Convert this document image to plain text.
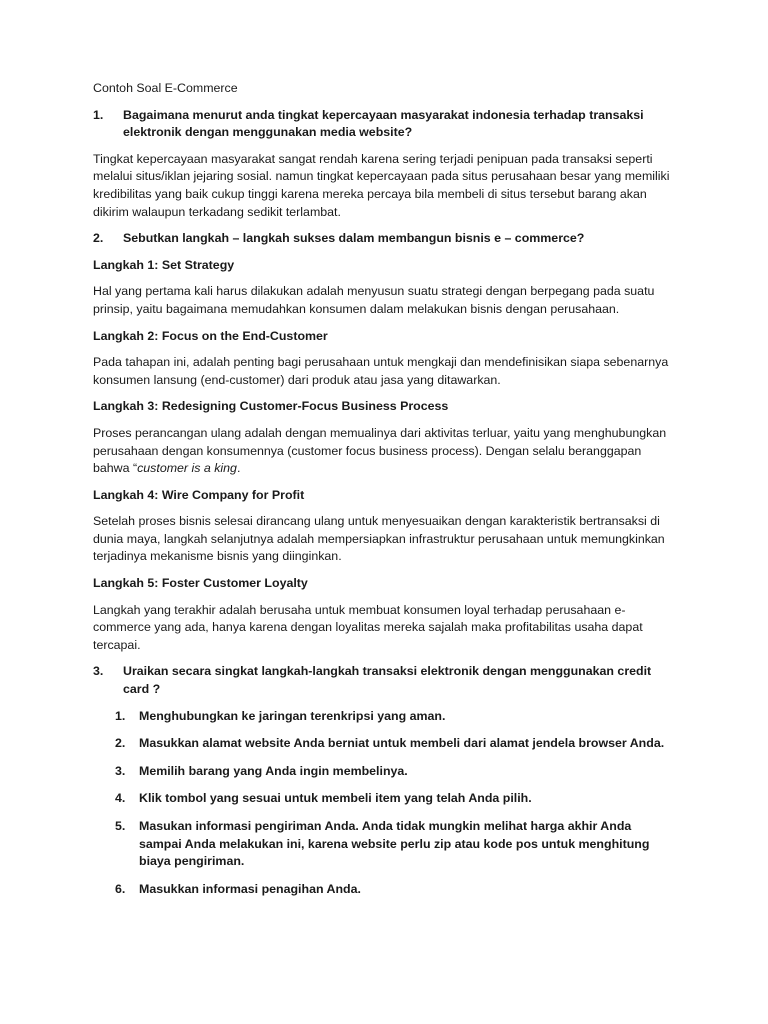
Contoh Soal E-Commerce

1.	Bagaimana menurut anda tingkat kepercayaan masyarakat indonesia terhadap transaksi elektronik dengan menggunakan media website?

Tingkat kepercayaan masyarakat sangat rendah karena sering terjadi penipuan pada transaksi seperti melalui situs/iklan jejaring sosial. namun tingkat kepercayaan pada situs perusahaan besar yang memiliki kredibilitas yang baik cukup tinggi karena mereka percaya bila membeli di situs tersebut barang akan dikirim walaupun terkadang sedikit terlambat.

2.	Sebutkan langkah – langkah sukses dalam membangun bisnis e – commerce?

Langkah 1: Set Strategy

Hal yang pertama kali harus dilakukan adalah menyusun suatu strategi dengan berpegang pada suatu prinsip, yaitu bagaimana memudahkan konsumen dalam melakukan bisnis dengan perusahaan.

Langkah 2: Focus on the End-Customer

Pada tahapan ini, adalah penting bagi perusahaan untuk mengkaji dan mendefinisikan siapa sebenarnya konsumen lansung (end-customer) dari produk atau jasa yang ditawarkan.

Langkah 3: Redesigning Customer-Focus Business Process

Proses perancangan ulang adalah dengan memualinya dari aktivitas terluar, yaitu yang menghubungkan perusahaan dengan konsumennya (customer focus business process). Dengan selalu beranggapan bahwa “customer is a king.

Langkah 4: Wire Company for Profit

Setelah proses bisnis selesai dirancang ulang untuk menyesuaikan dengan karakteristik bertransaksi di dunia maya, langkah selanjutnya adalah mempersiapkan infrastruktur perusahaan untuk memungkinkan terjadinya mekanisme bisnis yang diinginkan.

Langkah 5: Foster Customer Loyalty

Langkah yang terakhir adalah berusaha untuk membuat konsumen loyal terhadap perusahaan e-commerce yang ada, hanya karena dengan loyalitas mereka sajalah maka profitabilitas usaha dapat tercapai.

3.	Uraikan secara singkat langkah-langkah transaksi elektronik dengan menggunakan credit card ?
1.	Menghubungkan ke jaringan terenkripsi yang aman.
2.	Masukkan alamat website Anda berniat untuk membeli dari alamat jendela browser Anda.
3.	Memilih barang yang Anda ingin membelinya.
4.	Klik tombol yang sesuai untuk membeli item yang telah Anda pilih.
5.	Masukan informasi pengiriman Anda. Anda tidak mungkin melihat harga akhir Anda sampai Anda melakukan ini, karena website perlu zip atau kode pos untuk menghitung biaya pengiriman.
6.	Masukkan informasi penagihan Anda.
